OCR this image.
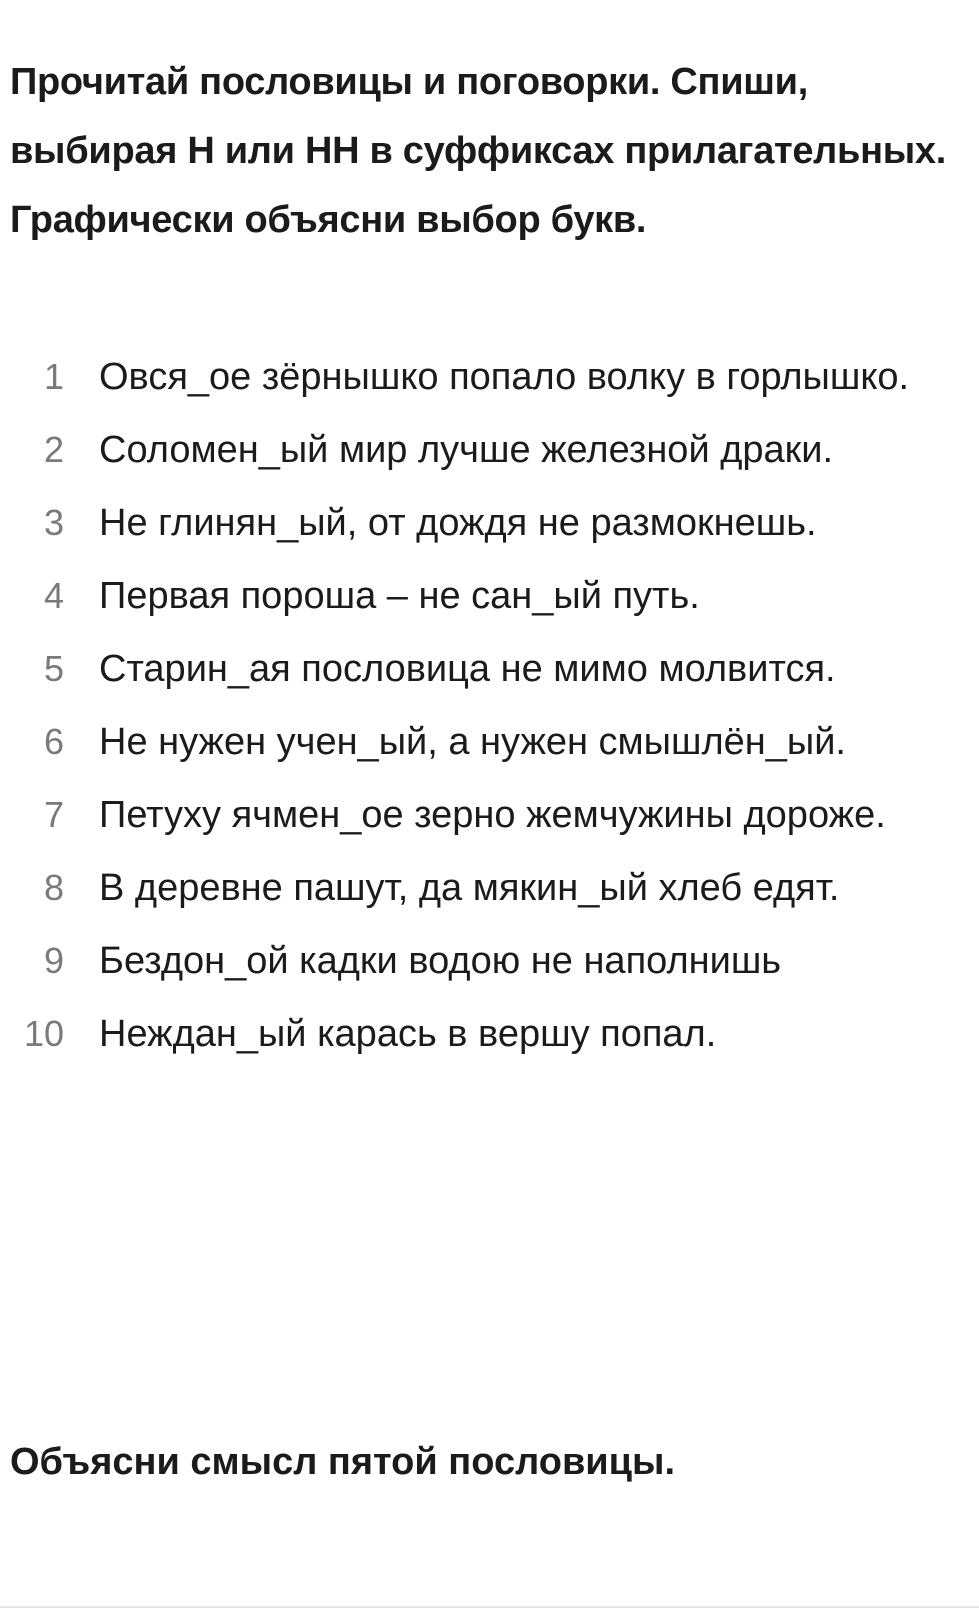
Прочитай пословицы и поговорки. Спиши, выбирая Н или НН в суффиксах прилагательных. Графически объясни выбор букв.
1 Овся_ое зёрнышко попало волку в горлышко.
2 Соломен_ый мир лучше железной драки.
3 Не глинян_ый, от дождя не размокнешь.
4 Первая пороша – не сан_ый путь.
5 Старин_ая пословица не мимо молвится.
6 Не нужен учен_ый, а нужен смышлён_ый.
7 Петуху ячмен_ое зерно жемчужины дороже.
8 В деревне пашут, да мякин_ый хлеб едят.
9 Бездон_ой кадки водою не наполнишь
10 Неждан_ый карась в вершу попал.
Объясни смысл пятой пословицы.
